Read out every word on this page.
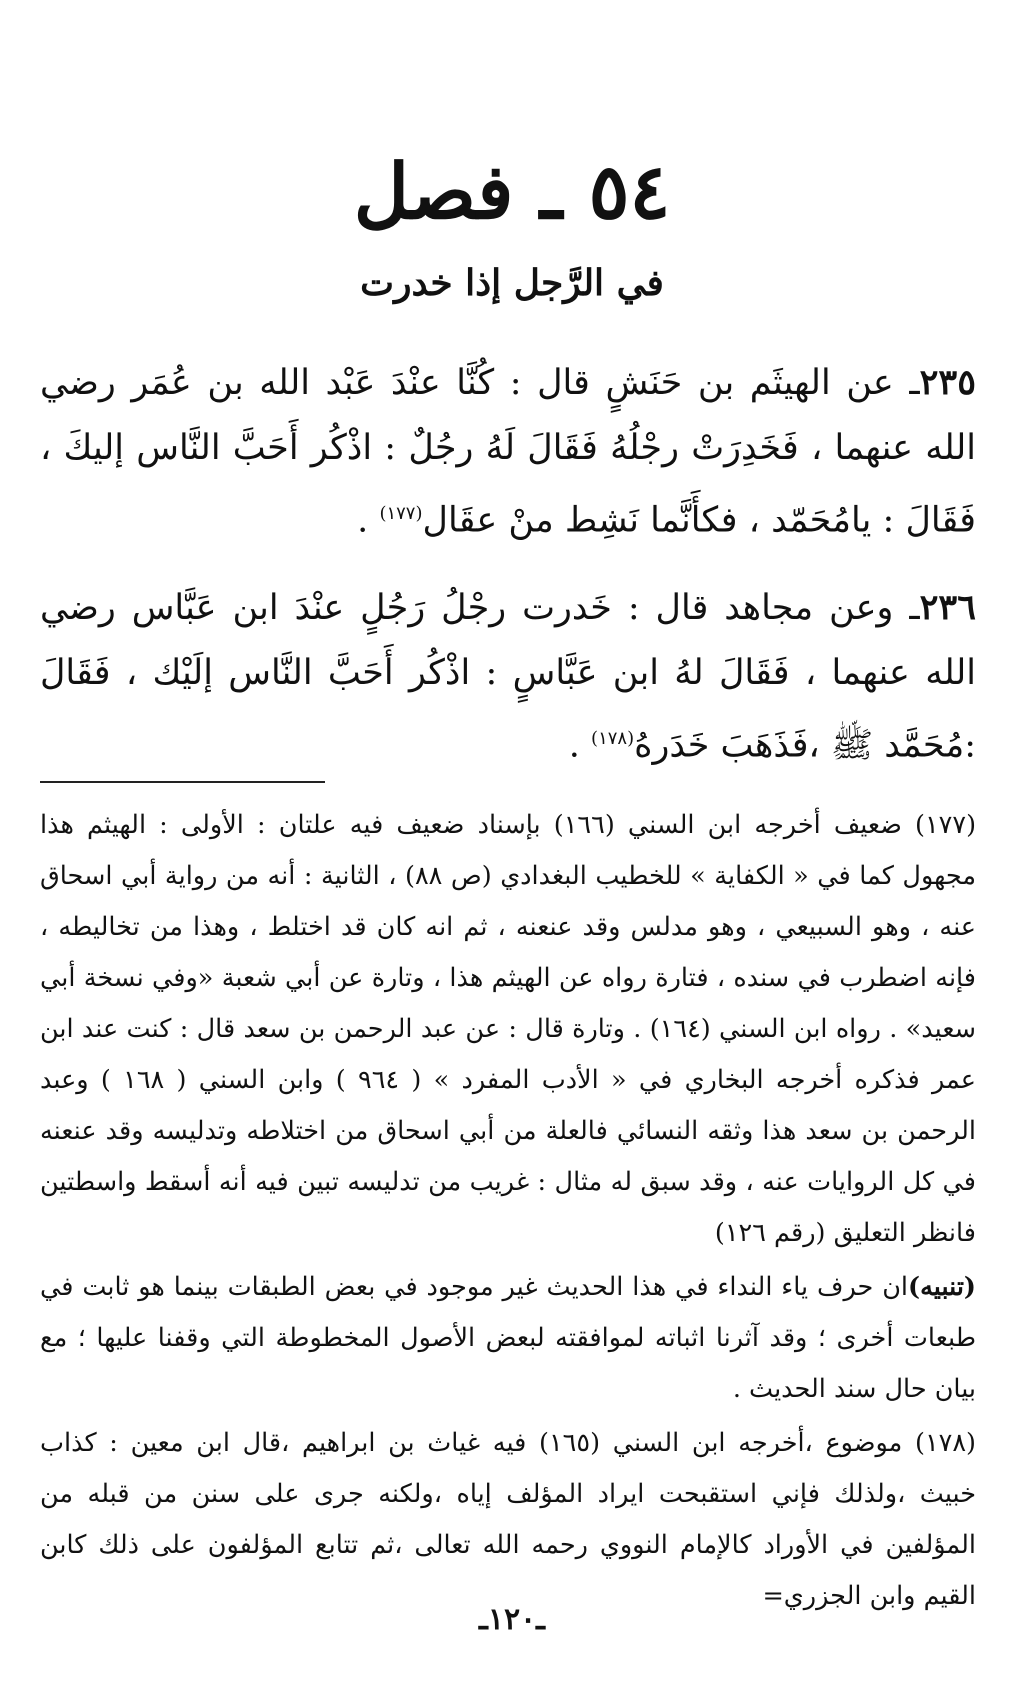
٥٤ ـ فصل
في الرَّجل إذا خدرت
٢٣٥ـ عن الهيثَم بن حَنَشٍ قال : كُنَّا عنْدَ عَبْد الله بن عُمَر رضي الله عنهما ، فَخَدِرَتْ رجْلُهُ فَقَالَ لَهُ رجُلٌ : اذْكُر أَحَبَّ النَّاس إليكَ ، فَقَالَ : يامُحَمّد ، فكأَنَّما نَشِط منْ عقَال$^{(١٧٧)}$ .
٢٣٦ـ وعن مجاهد قال : خَدرت رجْلُ رَجُلٍ عنْدَ ابن عَبَّاس رضي الله عنهما ، فَقَالَ لهُ ابن عَبَّاسٍ : اذْكُر أَحَبَّ النَّاس إلَيْك ، فَقَالَ :مُحَمَّد ﷺ ،فَذَهَبَ خَدَرهُ$^{(١٧٨)}$ .
(١٧٧) ضعيف أخرجه ابن السني (١٦٦) بإسناد ضعيف فيه علتان : الأولى : الهيثم هذا مجهول كما في « الكفاية » للخطيب البغدادي (ص ٨٨) ، الثانية : أنه من رواية أبي اسحاق عنه ، وهو السبيعي ، وهو مدلس وقد عنعنه ، ثم انه كان قد اختلط ، وهذا من تخاليطه ، فإنه اضطرب في سنده ، فتارة رواه عن الهيثم هذا ، وتارة عن أبي شعبة «وفي نسخة أبي سعيد» . رواه ابن السني (١٦٤) . وتارة قال : عن عبد الرحمن بن سعد قال : كنت عند ابن عمر فذكره أخرجه البخاري في « الأدب المفرد » ( ٩٦٤ ) وابن السني ( ١٦٨ ) وعبد الرحمن بن سعد هذا وثقه النسائي فالعلة من أبي اسحاق من اختلاطه وتدليسه وقد عنعنه في كل الروايات عنه ، وقد سبق له مثال : غريب من تدليسه تبين فيه أنه أسقط واسطتين فانظر التعليق (رقم ١٢٦)
(تنبيه)ان حرف ياء النداء في هذا الحديث غير موجود في بعض الطبقات بينما هو ثابت في طبعات أخرى ؛ وقد آثرنا اثباته لموافقته لبعض الأصول المخطوطة التي وقفنا عليها ؛ مع بيان حال سند الحديث .
(١٧٨) موضوع ،أخرجه ابن السني (١٦٥) فيه غياث بن ابراهيم ،قال ابن معين : كذاب خبيث ،ولذلك فإني استقبحت ايراد المؤلف إياه ،ولكنه جرى على سنن من قبله من المؤلفين في الأوراد كالإمام النووي رحمه الله تعالى ،ثم تتابع المؤلفون على ذلك كابن القيم وابن الجزري=
ـ١٢٠ـ
